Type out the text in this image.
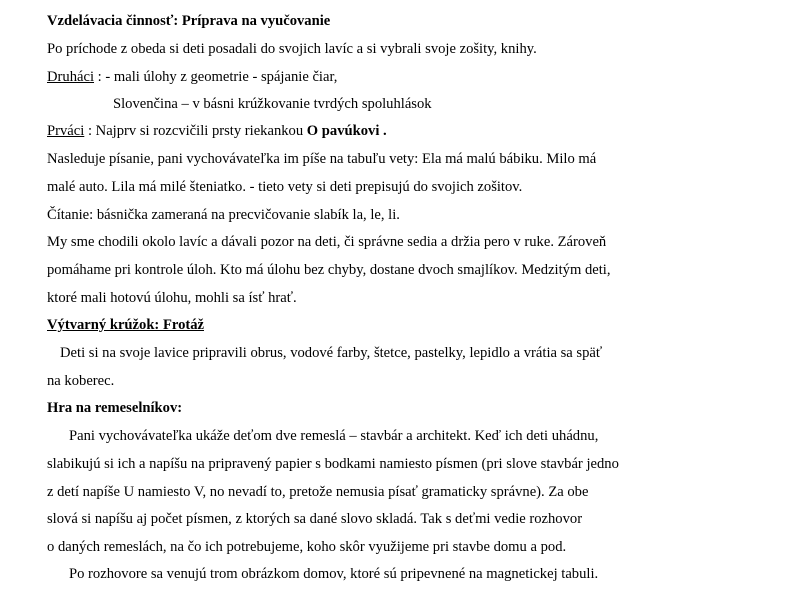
Vzdelávacia činnosť: Príprava na vyučovanie
Po príchode z obeda si deti posadali do svojich lavíc a si vybrali svoje zošity, knihy.
Druháci : - mali úlohy z geometrie - spájanie čiar,
Slovenčina – v básni krúžkovanie tvrdých spoluhlások
Prváci : Najprv si rozcvičili prsty riekankou O pavúkovi .
Nasleduje písanie, pani vychovávateľka im píše na tabuľu vety: Ela má malú bábiku. Milo má
malé auto. Lila má milé šteniatko. - tieto vety si deti prepisujú do svojich zošitov.
Čítanie: básnička zameraná na precvičovanie slabík la, le, li.
My sme chodili okolo lavíc a dávali pozor na deti, či správne sedia a držia pero v ruke. Zároveň
pomáhame pri kontrole úloh. Kto má úlohu bez chyby, dostane dvoch smajlíkov. Medzitým deti,
ktoré mali hotovú úlohu, mohli sa ísť hrať.
Výtvarný krúžok: Frotáž
Deti si na svoje lavice pripravili obrus, vodové farby, štetce, pastelky, lepidlo a vrátia sa späť
na koberec.
Hra na remeselníkov:
Pani vychovávateľka ukáže deťom dve remeslá – stavbár a architekt. Keď ich deti uhádnu,
slabikujú si ich a napíšu na pripravený papier s bodkami namiesto písmen (pri slove stavbár jedno
z detí napíše U namiesto V, no nevadí to, pretože nemusia písať gramaticky správne). Za obe
slová si napíšu aj počet písmen, z ktorých sa dané slovo skladá. Tak s deťmi vedie rozhovor
o daných remeslách, na čo ich potrebujeme, koho skôr využijeme pri stavbe domu a pod.
Po rozhovore sa venujú trom obrázkom domov, ktoré sú pripevnené na magnetickej tabuli.
